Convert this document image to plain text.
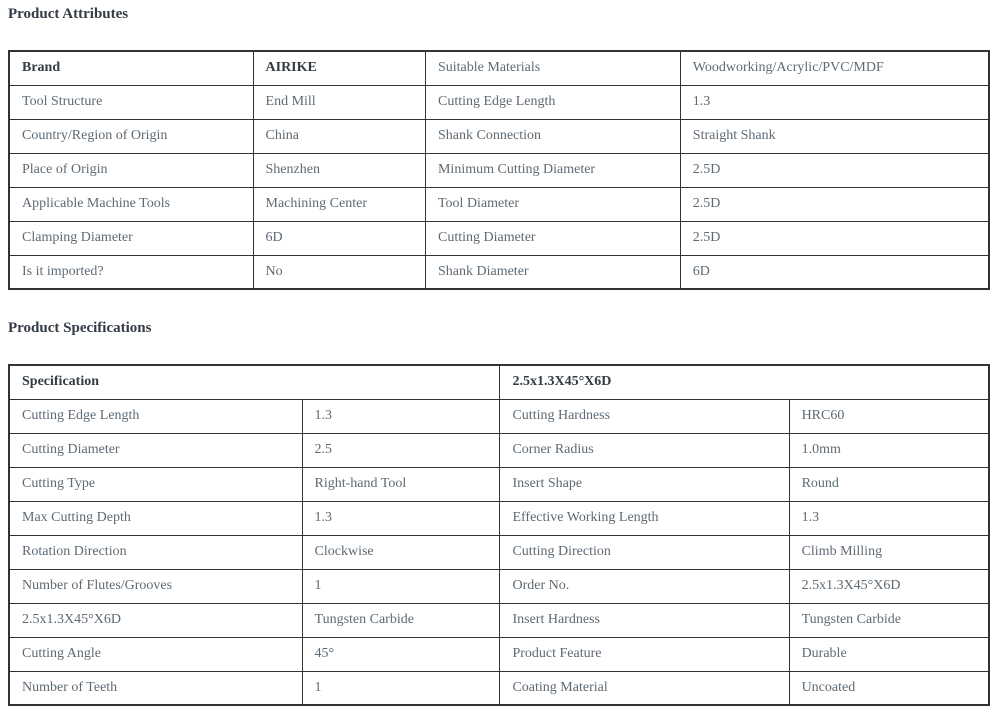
Product Attributes
Brand	AIRIKE	Suitable Materials	Woodworking/Acrylic/PVC/MDF
Tool Structure	End Mill	Cutting Edge Length	1.3
Country/Region of Origin	China	Shank Connection	Straight Shank
Place of Origin	Shenzhen	Minimum Cutting Diameter	2.5D
Applicable Machine Tools	Machining Center	Tool Diameter	2.5D
Clamping Diameter	6D	Cutting Diameter	2.5D
Is it imported?	No	Shank Diameter	6D
Product Specifications
Specification		2.5x1.3X45°X6D	
Cutting Edge Length	1.3	Cutting Hardness	HRC60
Cutting Diameter	2.5	Corner Radius	1.0mm
Cutting Type	Right-hand Tool	Insert Shape	Round
Max Cutting Depth	1.3	Effective Working Length	1.3
Rotation Direction	Clockwise	Cutting Direction	Climb Milling
Number of Flutes/Grooves	1	Order No.	2.5x1.3X45°X6D
2.5x1.3X45°X6D	Tungsten Carbide	Insert Hardness	Tungsten Carbide
Cutting Angle	45°	Product Feature	Durable
Number of Teeth	1	Coating Material	Uncoated
